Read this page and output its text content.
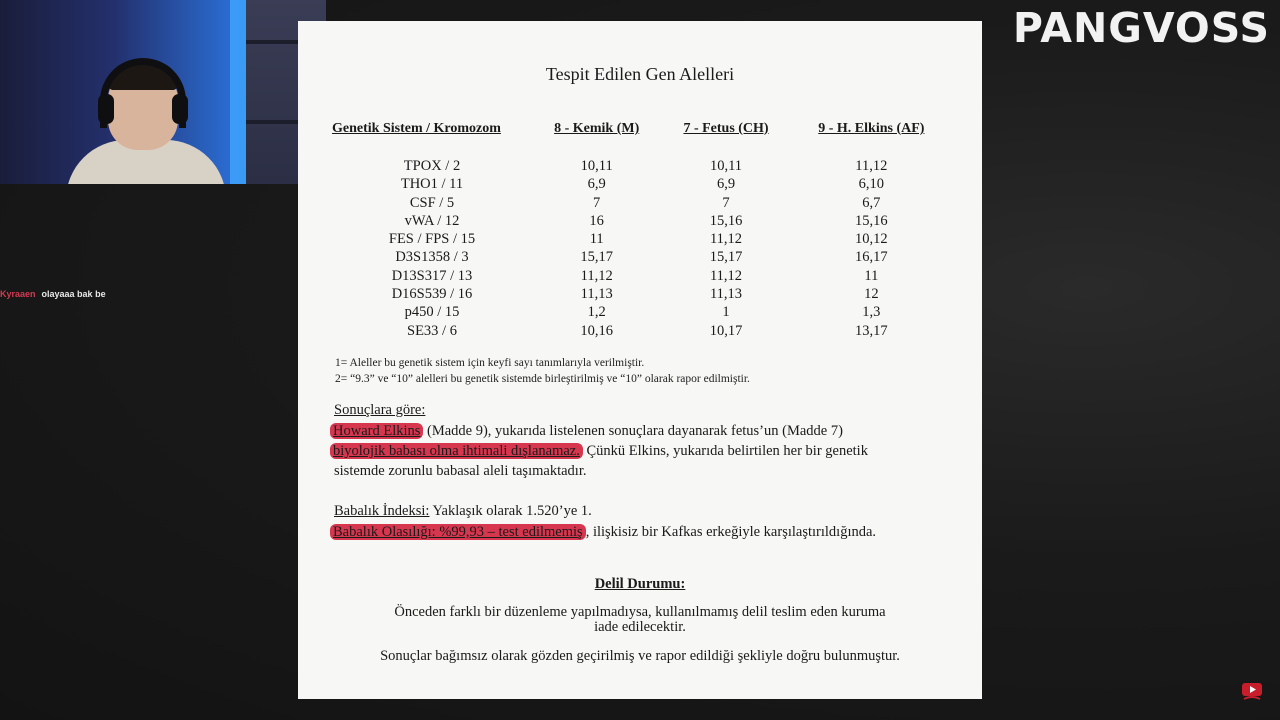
Kyraaen olayaaa bak be
PANGVOSS
Tespit Edilen Gen Alelleri
Genetik Sistem / Kromozom	8 - Kemik (M)	7 - Fetus (CH)	9 - H. Elkins (AF)
TPOX / 2	10,11	10,11	11,12
THO1 / 11	6,9	6,9	6,10
CSF / 5	7	7	6,7
vWA / 12	16	15,16	15,16
FES / FPS / 15	11	11,12	10,12
D3S1358 / 3	15,17	15,17	16,17
D13S317 / 13	11,12	11,12	11
D16S539 / 16	11,13	11,13	12
p450 / 15	1,2	1	1,3
SE33 / 6	10,16	10,17	13,17
1= Aleller bu genetik sistem için keyfi sayı tanımlarıyla verilmiştir.
2= “9.3” ve “10” alelleri bu genetik sistemde birleştirilmiş ve “10” olarak rapor edilmiştir.
Sonuçlara göre:
Howard Elkins (Madde 9), yukarıda listelenen sonuçlara dayanarak fetus’un (Madde 7)
biyolojik babası olma ihtimali dışlanamaz. Çünkü Elkins, yukarıda belirtilen her bir genetik
sistemde zorunlu babasal aleli taşımaktadır.
Babalık İndeksi: Yaklaşık olarak 1.520’ye 1.
Babalık Olasılığı: %99,93 – test edilmemiş , ilişkisiz bir Kafkas erkeğiyle karşılaştırıldığında.
Delil Durumu:
Önceden farklı bir düzenleme yapılmadıysa, kullanılmamış delil teslim eden kuruma
iade edilecektir.
Sonuçlar bağımsız olarak gözden geçirilmiş ve rapor edildiği şekliyle doğru bulunmuştur.
